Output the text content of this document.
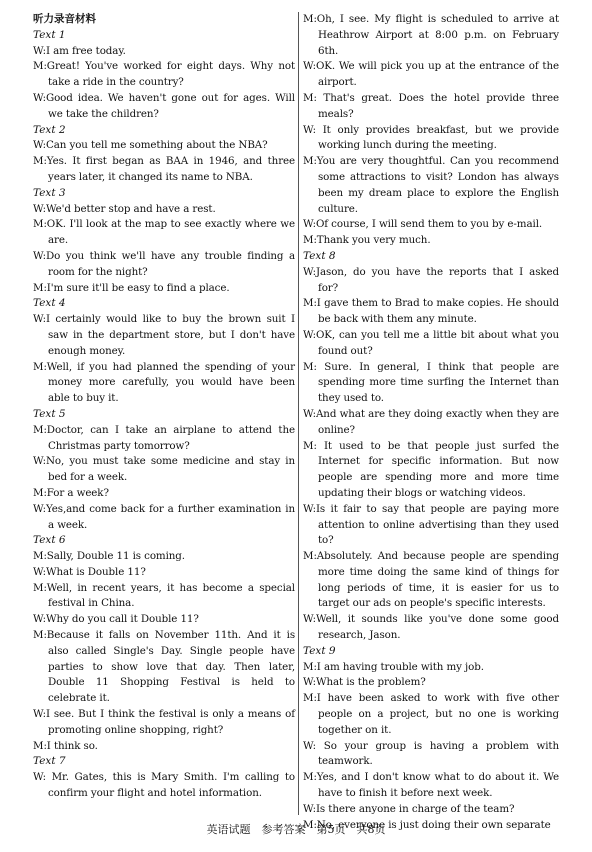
听力录音材料

Text 1

W:I am free today.

M:Great! You've worked for eight days. Why not take a ride in the country?

W:Good idea. We haven't gone out for ages. Will we take the children?

Text 2

W:Can you tell me something about the NBA?

M:Yes. It first began as BAA in 1946, and three years later, it changed its name to NBA.

Text 3

W:We'd better stop and have a rest.

M:OK. I'll look at the map to see exactly where we are.

W:Do you think we'll have any trouble finding a room for the night?

M:I'm sure it'll be easy to find a place.

Text 4

W:I certainly would like to buy the brown suit I saw in the department store, but I don't have enough money.

M:Well, if you had planned the spending of your money more carefully, you would have been able to buy it.

Text 5

M:Doctor, can I take an airplane to attend the Christmas party tomorrow?

W:No, you must take some medicine and stay in bed for a week.

M:For a week?

W:Yes,and come back for a further examination in a week.

Text 6

M:Sally, Double 11 is coming.

W:What is Double 11?

M:Well, in recent years, it has become a special festival in China.

W:Why do you call it Double 11?

M:Because it falls on November 11th. And it is also called Single's Day. Single people have parties to show love that day. Then later, Double 11 Shopping Festival is held to celebrate it.

W:I see. But I think the festival is only a means of promoting online shopping, right?

M:I think so.

Text 7

W: Mr. Gates, this is Mary Smith. I'm calling to confirm your flight and hotel information.

M:Oh, I see. My flight is scheduled to arrive at Heathrow Airport at 8:00 p.m. on February 6th.

W:OK. We will pick you up at the entrance of the airport.

M: That's great. Does the hotel provide three meals?

W: It only provides breakfast, but we provide working lunch during the meeting.

M:You are very thoughtful. Can you recommend some attractions to visit? London has always been my dream place to explore the English culture.

W:Of course, I will send them to you by e-mail.

M:Thank you very much.

Text 8

W:Jason, do you have the reports that I asked for?

M:I gave them to Brad to make copies. He should be back with them any minute.

W:OK, can you tell me a little bit about what you found out?

M: Sure. In general, I think that people are spending more time surfing the Internet than they used to.

W:And what are they doing exactly when they are online?

M: It used to be that people just surfed the Internet for specific information. But now people are spending more and more time updating their blogs or watching videos.

W:Is it fair to say that people are paying more attention to online advertising than they used to?

M:Absolutely. And because people are spending more time doing the same kind of things for long periods of time, it is easier for us to target our ads on people's specific interests.

W:Well, it sounds like you've done some good research, Jason.

Text 9

M:I am having trouble with my job.

W:What is the problem?

M:I have been asked to work with five other people on a project, but no one is working together on it.

W: So your group is having a problem with teamwork.

M:Yes, and I don't know what to do about it. We have to finish it before next week.

W:Is there anyone in charge of the team?

M:No, everyone is just doing their own separate

英语试题　参考答案　第5页　共8页
